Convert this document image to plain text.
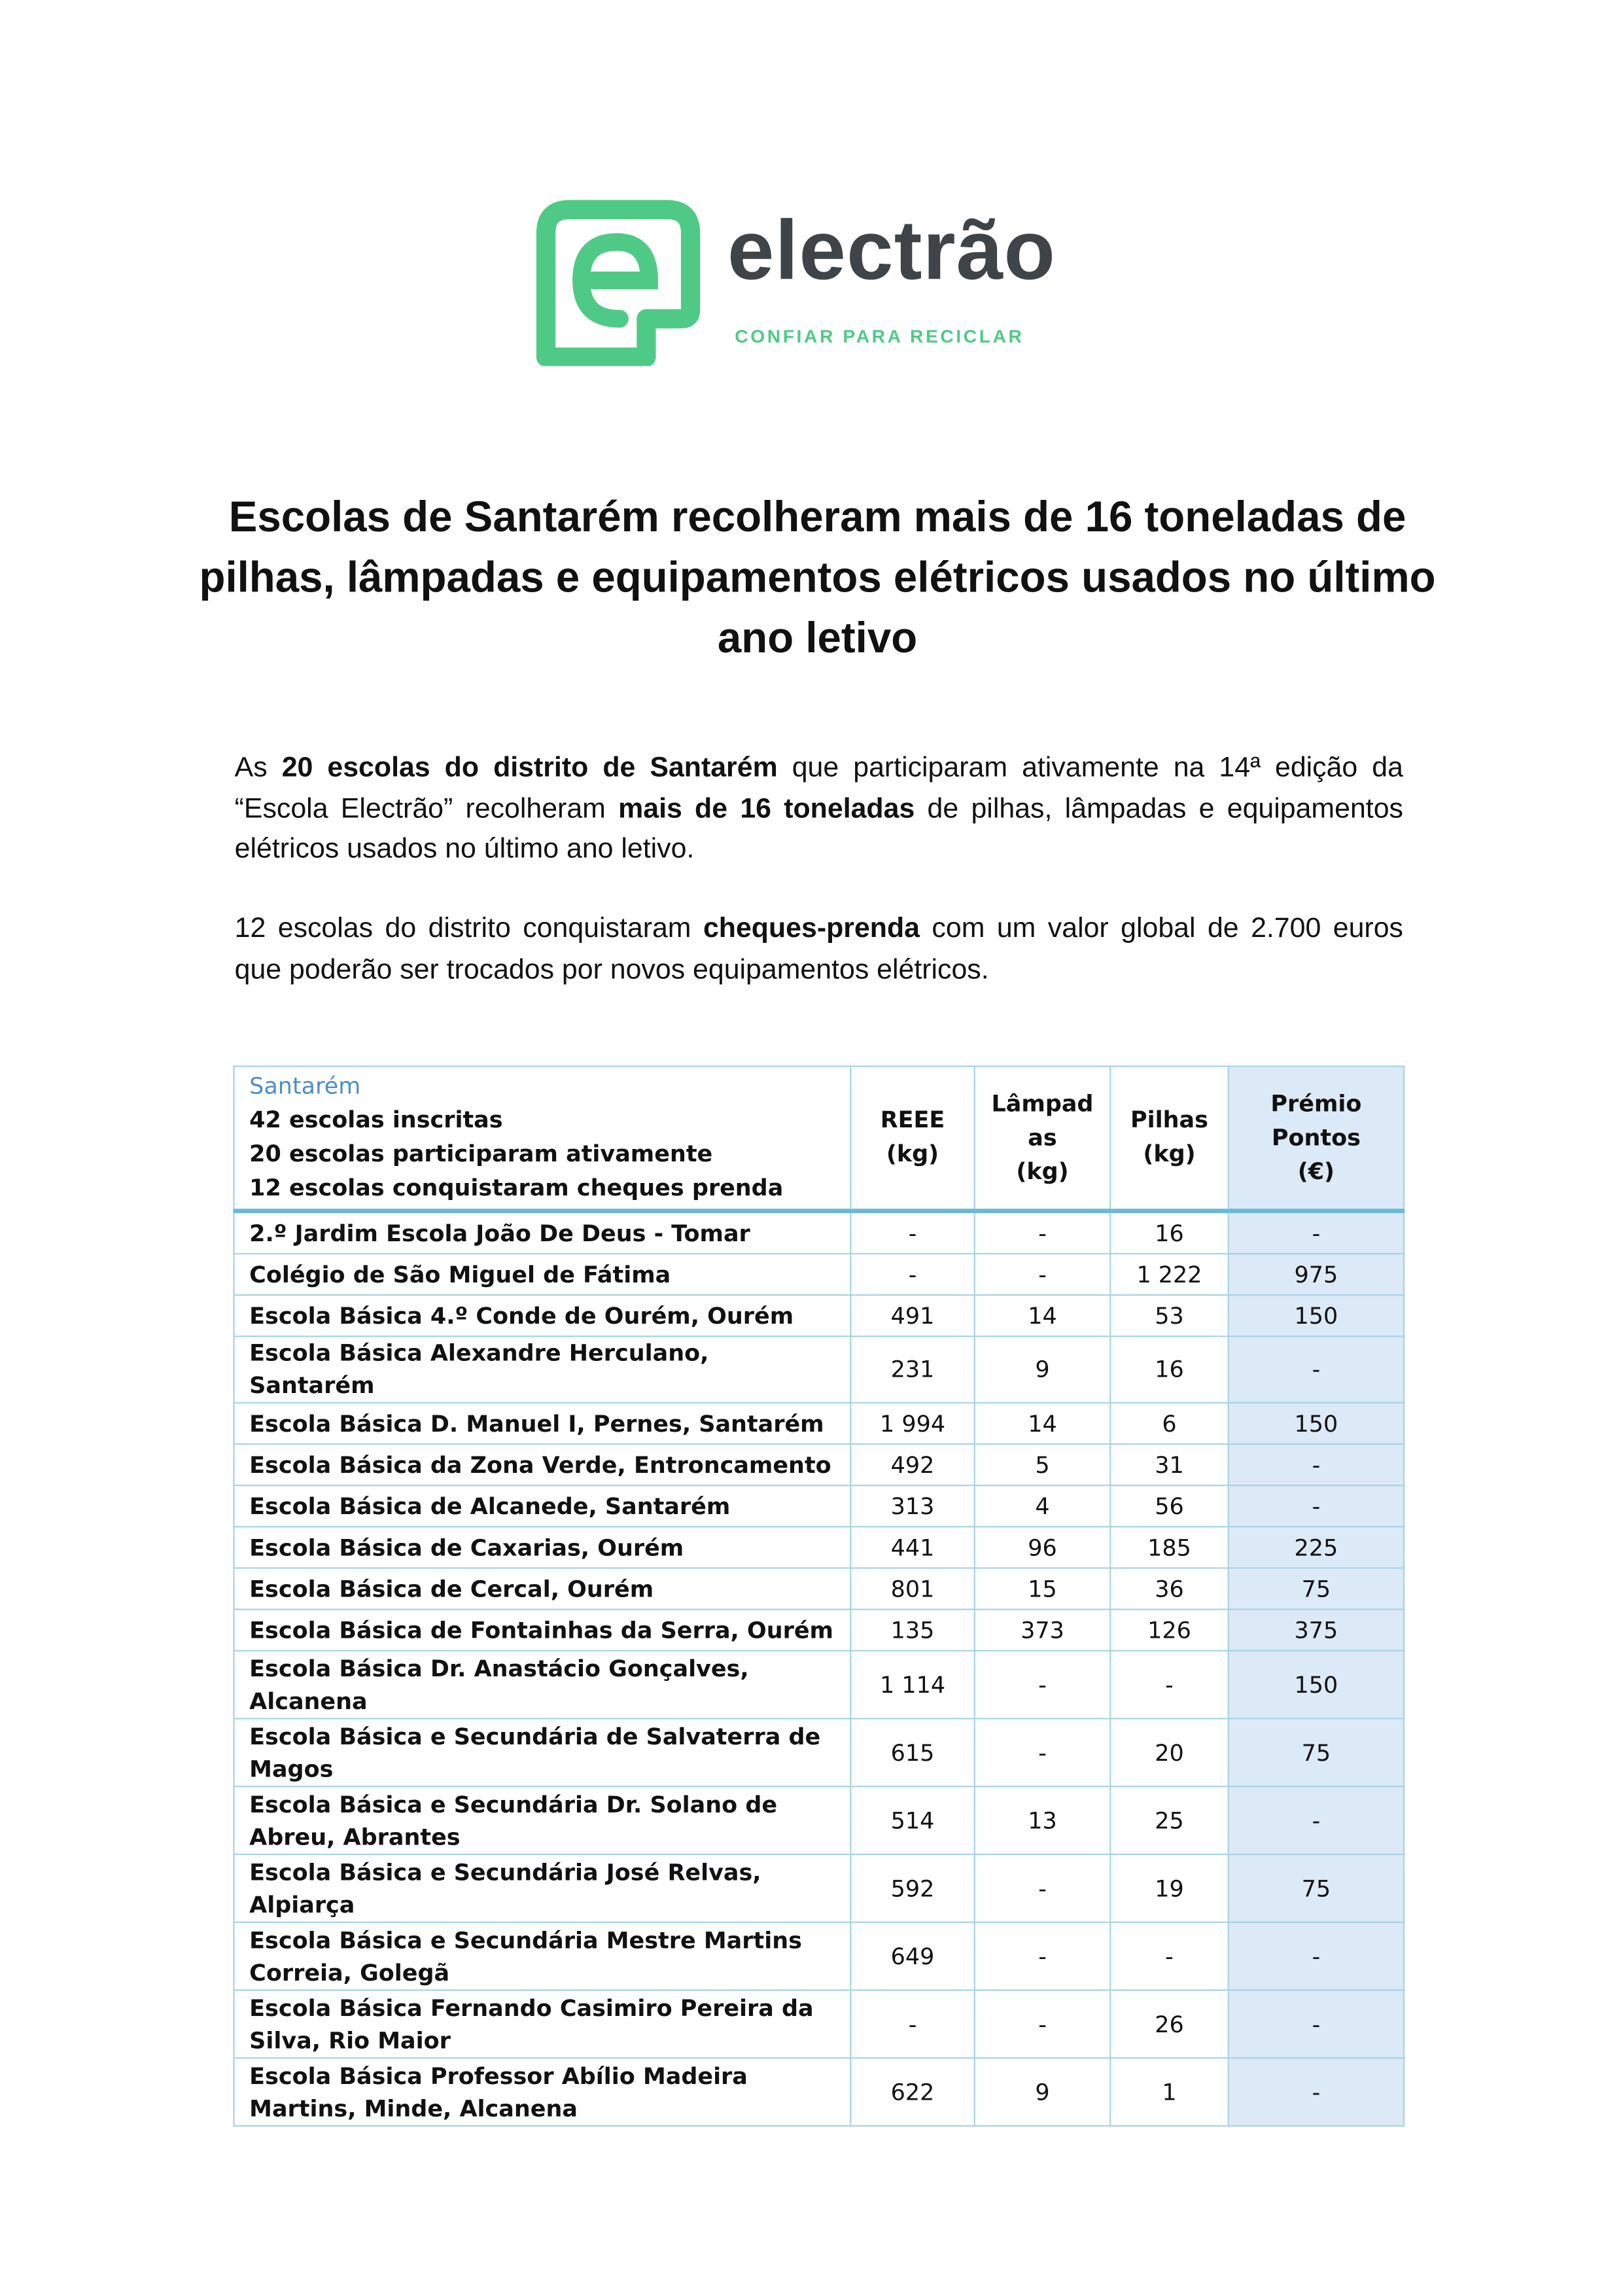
electrão
CONFIAR PARA RECICLAR
Escolas de Santarém recolheram mais de 16 toneladas de pilhas, lâmpadas e equipamentos elétricos usados no último ano letivo

As 20 escolas do distrito de Santarém que participaram ativamente na 14ª edição da “Escola Electrão” recolheram mais de 16 toneladas de pilhas, lâmpadas e equipamentos elétricos usados no último ano letivo.

12 escolas do distrito conquistaram cheques-prenda com um valor global de 2.700 euros que poderão ser trocados por novos equipamentos elétricos.

Santarém
42 escolas inscritas
20 escolas participaram ativamente
12 escolas conquistaram cheques prenda	REEE
(kg)	Lâmpad
as
(kg)	Pilhas
(kg)	Prémio
Pontos
(€)

2.º Jardim Escola João De Deus - Tomar	-	-	16	-
Colégio de São Miguel de Fátima	-	-	1 222	975
Escola Básica 4.º Conde de Ourém, Ourém	491	14	53	150
Escola Básica Alexandre Herculano, Santarém	231	9	16	-
Escola Básica D. Manuel I, Pernes, Santarém	1 994	14	6	150
Escola Básica da Zona Verde, Entroncamento	492	5	31	-
Escola Básica de Alcanede, Santarém	313	4	56	-
Escola Básica de Caxarias, Ourém	441	96	185	225
Escola Básica de Cercal, Ourém	801	15	36	75
Escola Básica de Fontainhas da Serra, Ourém	135	373	126	375
Escola Básica Dr. Anastácio Gonçalves, Alcanena	1 114	-	-	150
Escola Básica e Secundária de Salvaterra de Magos	615	-	20	75
Escola Básica e Secundária Dr. Solano de Abreu, Abrantes	514	13	25	-
Escola Básica e Secundária José Relvas, Alpiarça	592	-	19	75
Escola Básica e Secundária Mestre Martins Correia, Golegã	649	-	-	-
Escola Básica Fernando Casimiro Pereira da Silva, Rio Maior	-	-	26	-
Escola Básica Professor Abílio Madeira Martins, Minde, Alcanena	622	9	1	-
